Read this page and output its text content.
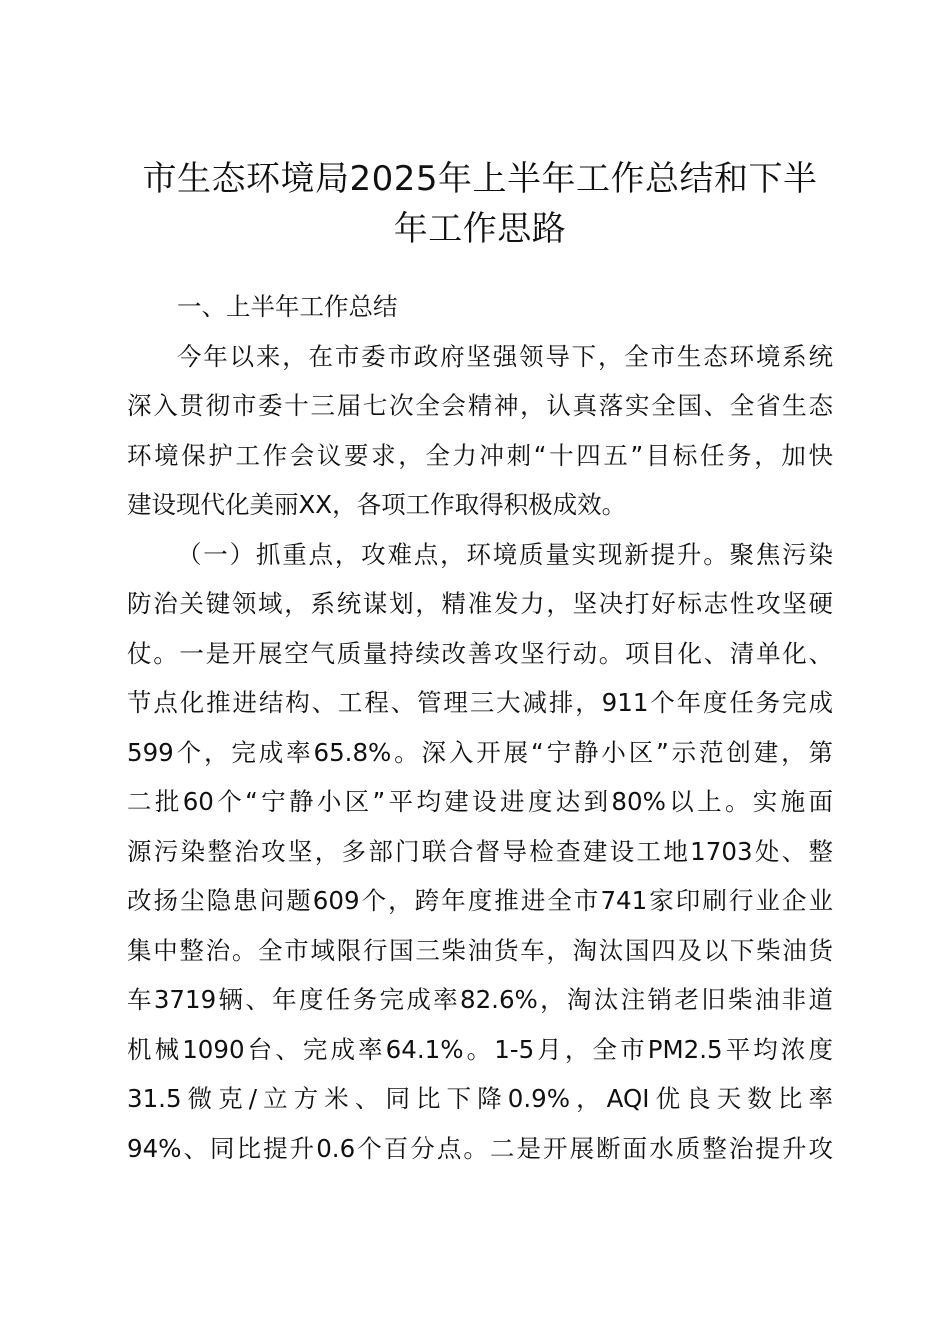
市生态环境局2025年上半年工作总结和下半
年工作思路
一、上半年工作总结
今年以来，在市委市政府坚强领导下，全市生态环境系统
深入贯彻市委十三届七次全会精神，认真落实全国、全省生态
环境保护工作会议要求，全力冲刺“十四五”目标任务，加快
建设现代化美丽XX，各项工作取得积极成效。
（一）抓重点，攻难点，环境质量实现新提升。聚焦污染
防治关键领域，系统谋划，精准发力，坚决打好标志性攻坚硬
仗。一是开展空气质量持续改善攻坚行动。项目化、清单化、
节点化推进结构、工程、管理三大减排，911个年度任务完成
599个，完成率65.8%。深入开展“宁静小区”示范创建，第
二批60个“宁静小区”平均建设进度达到80%以上。实施面
源污染整治攻坚，多部门联合督导检查建设工地1703处、整
改扬尘隐患问题609个，跨年度推进全市741家印刷行业企业
集中整治。全市域限行国三柴油货车，淘汰国四及以下柴油货
车3719辆、年度任务完成率82.6%，淘汰注销老旧柴油非道
机械1090台、完成率64.1%。1-5月，全市PM2.5平均浓度
31.5微克/立方米、同比下降0.9%，AQI优良天数比率
94%、同比提升0.6个百分点。二是开展断面水质整治提升攻
